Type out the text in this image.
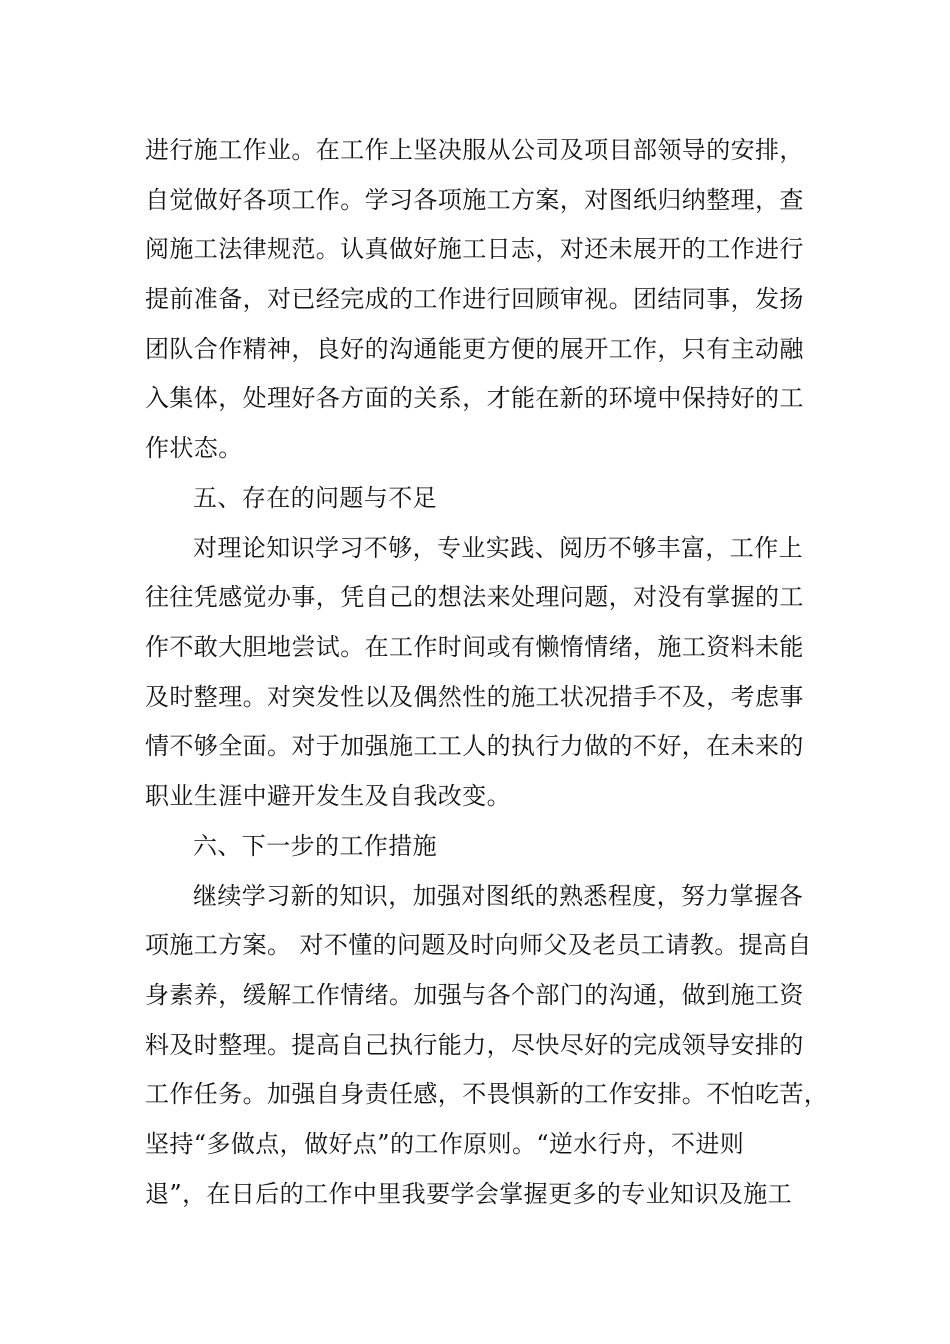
进行施工作业。在工作上坚决服从公司及项目部领导的安排，
自觉做好各项工作。学习各项施工方案，对图纸归纳整理，查
阅施工法律规范。认真做好施工日志，对还未展开的工作进行
提前准备，对已经完成的工作进行回顾审视。团结同事，发扬
团队合作精神，良好的沟通能更方便的展开工作，只有主动融
入集体，处理好各方面的关系，才能在新的环境中保持好的工
作状态。
五、存在的问题与不足
对理论知识学习不够，专业实践、阅历不够丰富，工作上
往往凭感觉办事，凭自己的想法来处理问题，对没有掌握的工
作不敢大胆地尝试。在工作时间或有懒惰情绪，施工资料未能
及时整理。对突发性以及偶然性的施工状况措手不及，考虑事
情不够全面。对于加强施工工人的执行力做的不好，在未来的
职业生涯中避开发生及自我改变。
六、下一步的工作措施
继续学习新的知识，加强对图纸的熟悉程度，努力掌握各
项施工方案。 对不懂的问题及时向师父及老员工请教。提高自
身素养，缓解工作情绪。加强与各个部门的沟通，做到施工资
料及时整理。提高自己执行能力，尽快尽好的完成领导安排的
工作任务。加强自身责任感，不畏惧新的工作安排。不怕吃苦，
坚持“多做点，做好点”的工作原则。“逆水行舟，不进则
退”，在日后的工作中里我要学会掌握更多的专业知识及施工
